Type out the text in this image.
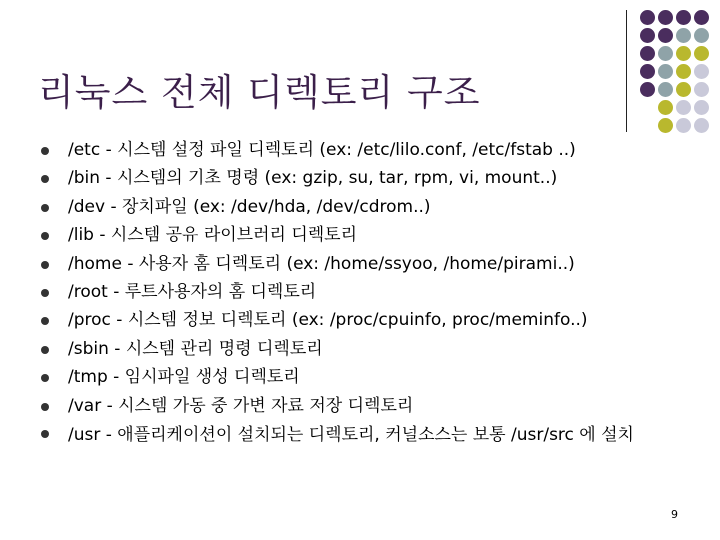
리눅스 전체 디렉토리 구조
/etc - 시스템 설정 파일 디렉토리 (ex: /etc/lilo.conf, /etc/fstab ..)
/bin - 시스템의 기초 명령 (ex: gzip, su, tar, rpm, vi, mount..)
/dev - 장치파일 (ex: /dev/hda, /dev/cdrom..)
/lib - 시스템 공유 라이브러리 디렉토리
/home - 사용자 홈 디렉토리 (ex: /home/ssyoo, /home/pirami..)
/root - 루트사용자의 홈 디렉토리
/proc - 시스템 정보 디렉토리 (ex: /proc/cpuinfo, proc/meminfo..)
/sbin - 시스템 관리 명령 디렉토리
/tmp - 임시파일 생성 디렉토리
/var - 시스템 가동 중 가변 자료 저장 디렉토리
/usr - 애플리케이션이 설치되는 디렉토리, 커널소스는 보통 /usr/src 에 설치
9
